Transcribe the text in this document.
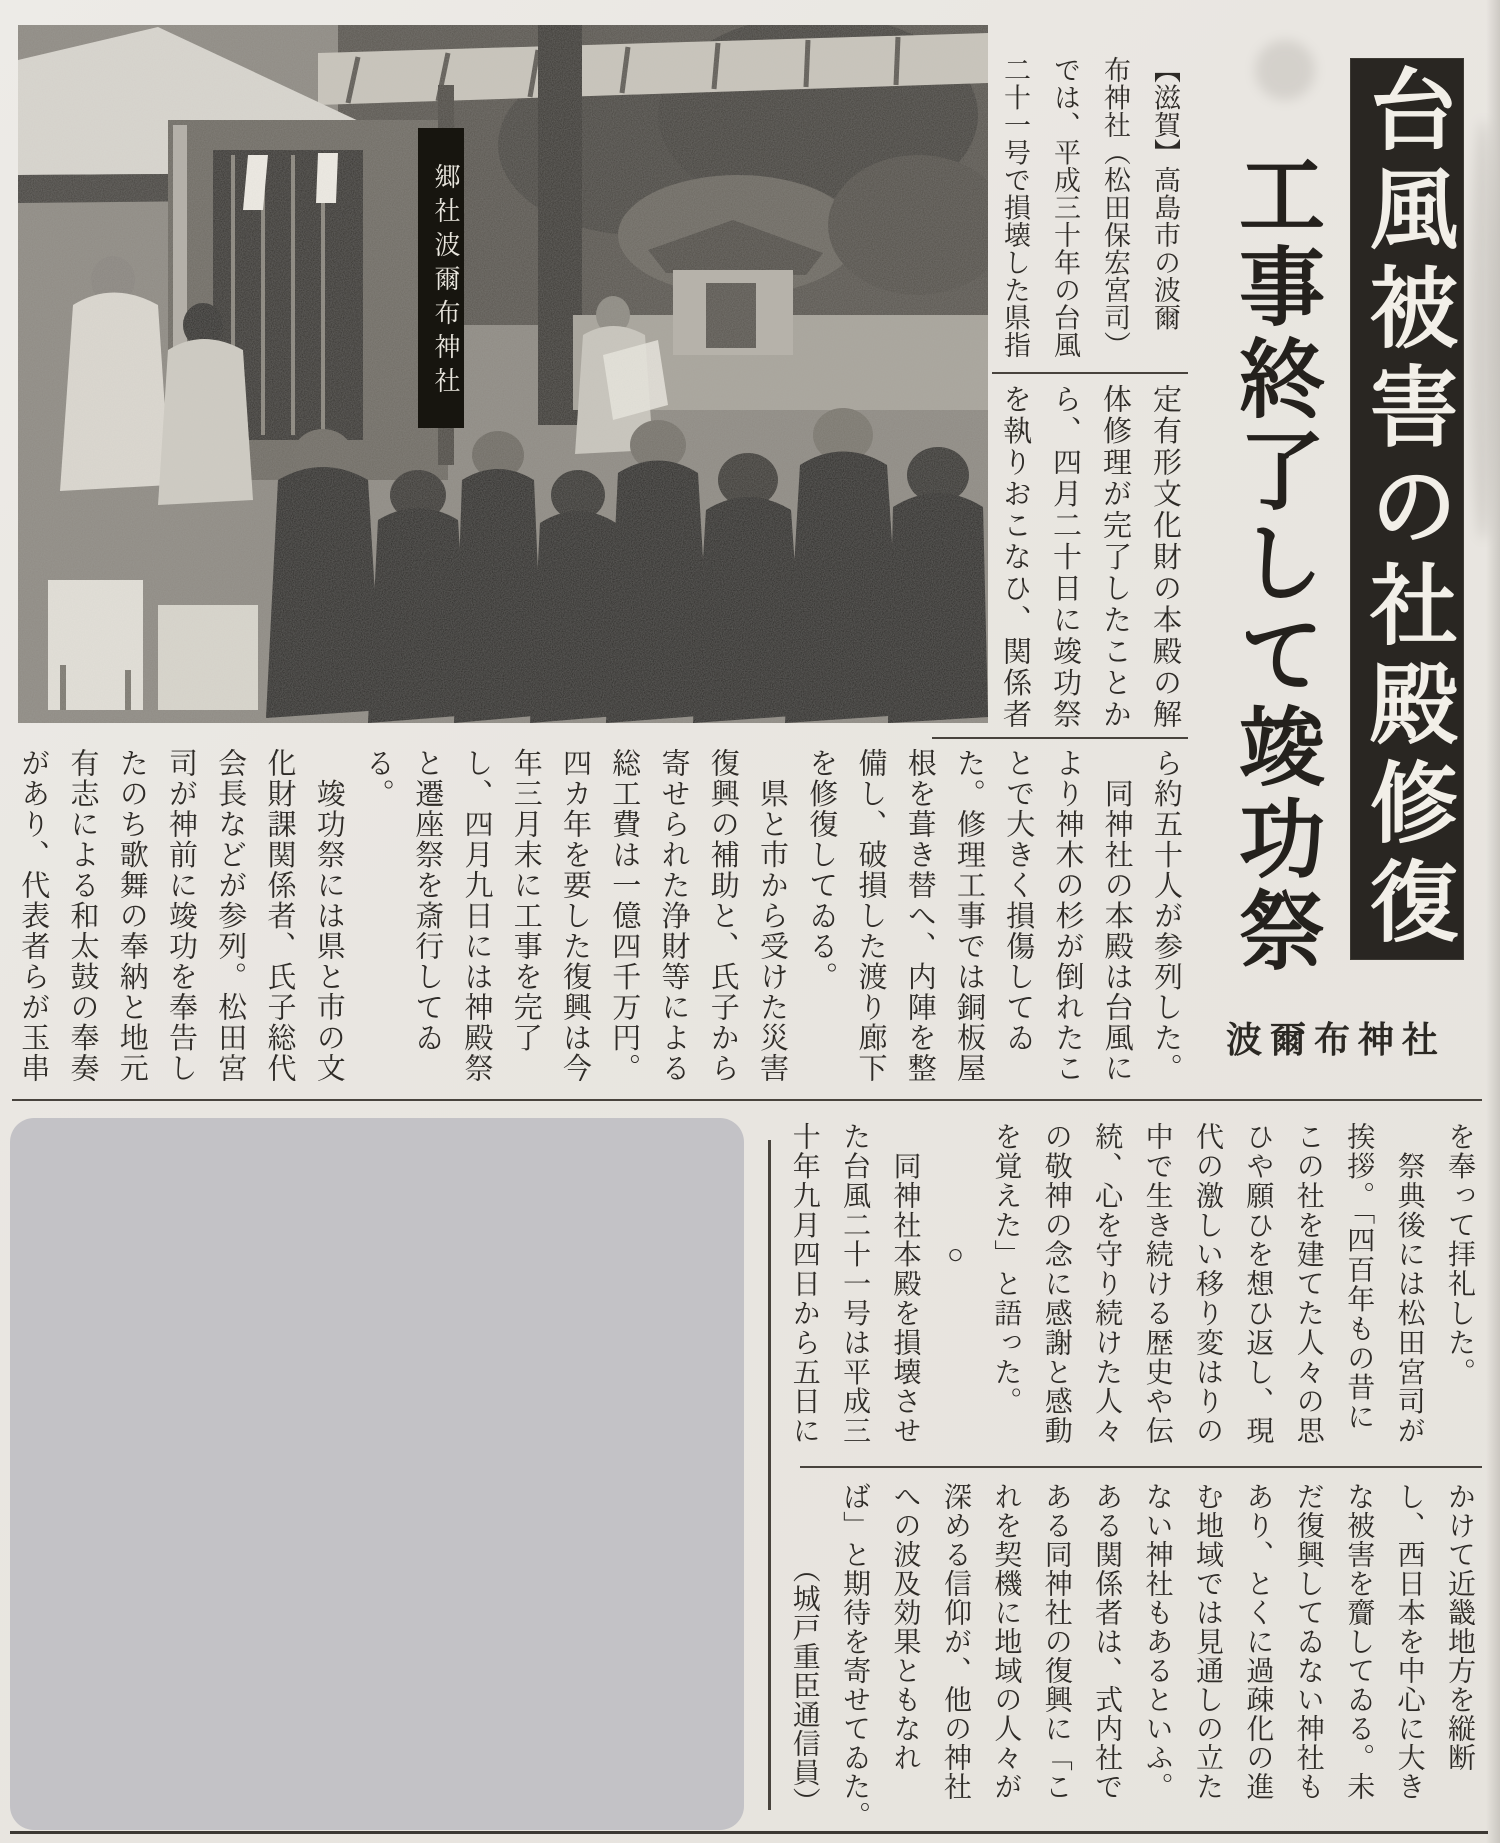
郷社波爾布神社	【滋賀】高島市の波爾

布神社（松田保宏宮司）

では、平成三十年の台風

二十一号で損壊した県指

定有形文化財の本殿の解

体修理が完了したことか

ら、四月二十日に竣功祭

を執りおこなひ、関係者

ら約五十人が参列した。

　同神社の本殿は台風に

より神木の杉が倒れたこ

とで大きく損傷してゐ

た。修理工事では銅板屋

根を葺き替へ、内陣を整

備し、破損した渡り廊下

を修復してゐる。

　県と市から受けた災害

復興の補助と、氏子から

寄せられた浄財等による

総工費は一億四千万円。

四カ年を要した復興は今

年三月末に工事を完了

し、四月九日には神殿祭

と遷座祭を斎行してゐ

る。

　竣功祭には県と市の文

化財課関係者、氏子総代

会長などが参列。松田宮

司が神前に竣功を奉告し

たのち歌舞の奉納と地元

有志による和太鼓の奉奏

があり、代表者らが玉串

を奉って拝礼した。

　祭典後には松田宮司が

挨拶。「四百年もの昔に

この社を建てた人々の思

ひや願ひを想ひ返し、現

代の激しい移り変はりの

中で生き続ける歴史や伝

統、心を守り続けた人々

の敬神の念に感謝と感動

を覚えた」と語った。

　　　　○

　同神社本殿を損壊させ

た台風二十一号は平成三

十年九月四日から五日に

かけて近畿地方を縦断

し、西日本を中心に大き

な被害を齎してゐる。未

だ復興してゐない神社も

あり、とくに過疎化の進

む地域では見通しの立た

ない神社もあるといふ。

ある関係者は、式内社で

ある同神社の復興に「こ

れを契機に地域の人々が

深める信仰が、他の神社

への波及効果ともなれ

ば」と期待を寄せてゐた。

　　　（城戸重臣通信員）

台風被害の社殿修復
工事終了して竣功祭
波爾布神社
